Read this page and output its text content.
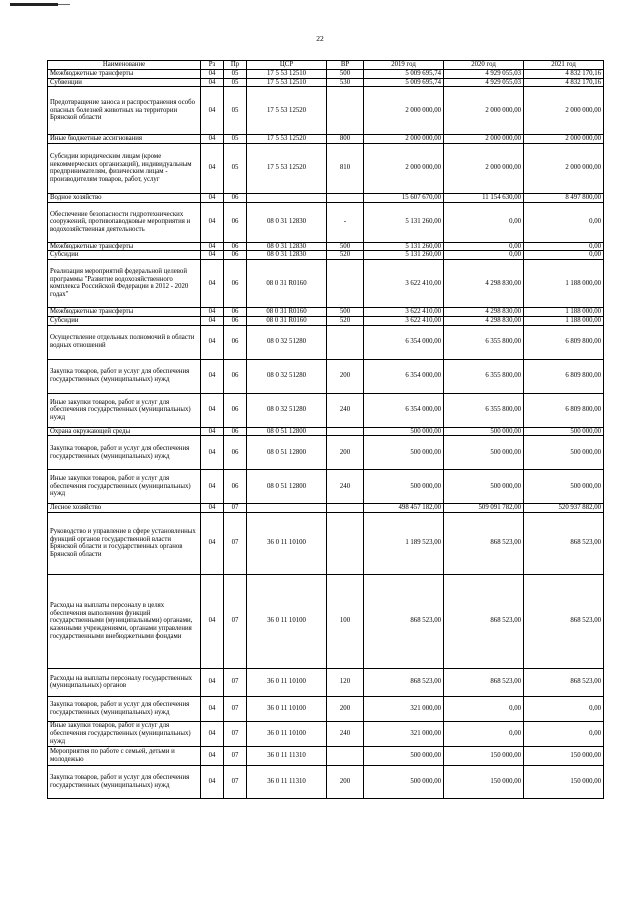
22
Наименование	Рз	Пр	ЦСР	ВР	2019 год	2020 год	2021 год
Межбюджетные трансферты	04	05	17 5 53 12510	500	5 009 695,74	4 929 055,03	4 832 170,16
Субвенции	04	05	17 5 53 12510	530	5 009 695,74	4 929 055,03	4 832 170,16
Предотвращение заноса и распространения особо опасных болезней животных на территории Брянской области	04	05	17 5 53 12520		2 000 000,00	2 000 000,00	2 000 000,00
Иные бюджетные ассигнования	04	05	17 5 53 12520	800	2 000 000,00	2 000 000,00	2 000 000,00
Субсидии юридическим лицам (кроме некоммерческих организаций), индивидуальным предпринимателям, физическим лицам - производителям товаров, работ, услуг	04	05	17 5 53 12520	810	2 000 000,00	2 000 000,00	2 000 000,00
Водное хозяйство	04	06			15 607 670,00	11 154 630,00	8 497 800,00
Обеспечение безопасности гидротехнических сооружений, противопаводковые мероприятия и водохозяйственная деятельность	04	06	08 0 31 12830	-	5 131 260,00	0,00	0,00
Межбюджетные трансферты	04	06	08 0 31 12830	500	5 131 260,00	0,00	0,00
Субсидии	04	06	08 0 31 12830	520	5 131 260,00	0,00	0,00
Реализация мероприятий федеральной целевой программы "Развитие водохозяйственного комплекса Российской Федерации в 2012 - 2020 годах"	04	06	08 0 31 R0160		3 622 410,00	4 298 830,00	1 188 000,00
Межбюджетные трансферты	04	06	08 0 31 R0160	500	3 622 410,00	4 298 830,00	1 188 000,00
Субсидии	04	06	08 0 31 R0160	520	3 622 410,00	4 298 830,00	1 188 000,00
Осуществление отдельных полномочий в области водных отношений	04	06	08 0 32 51280		6 354 000,00	6 355 800,00	6 809 800,00
Закупка товаров, работ и услуг для обеспечения государственных (муниципальных) нужд	04	06	08 0 32 51280	200	6 354 000,00	6 355 800,00	6 809 800,00
Иные закупки товаров, работ и услуг для обеспечения государственных (муниципальных) нужд	04	06	08 0 32 51280	240	6 354 000,00	6 355 800,00	6 809 800,00
Охрана окружающей среды	04	06	08 0 51 12800		500 000,00	500 000,00	500 000,00
Закупка товаров, работ и услуг для обеспечения государственных (муниципальных) нужд	04	06	08 0 51 12800	200	500 000,00	500 000,00	500 000,00
Иные закупки товаров, работ и услуг для обеспечения государственных (муниципальных) нужд	04	06	08 0 51 12800	240	500 000,00	500 000,00	500 000,00
Лесное хозяйство	04	07			498 457 182,00	509 091 782,00	520 937 882,00
Руководство и управление в сфере установленных функций органов государственной власти Брянской области и государственных органов Брянской области	04	07	36 0 11 10100		1 189 523,00	868 523,00	868 523,00
Расходы на выплаты персоналу в целях обеспечения выполнения функций государственными (муниципальными) органами, казенными учреждениями, органами управления государственными внебюджетными фондами	04	07	36 0 11 10100	100	868 523,00	868 523,00	868 523,00
Расходы на выплаты персоналу государственных (муниципальных) органов	04	07	36 0 11 10100	120	868 523,00	868 523,00	868 523,00
Закупка товаров, работ и услуг для обеспечения государственных (муниципальных) нужд	04	07	36 0 11 10100	200	321 000,00	0,00	0,00
Иные закупки товаров, работ и услуг для обеспечения государственных (муниципальных) нужд	04	07	36 0 11 10100	240	321 000,00	0,00	0,00
Мероприятия по работе с семьей, детьми и молодежью	04	07	36 0 11 11310		500 000,00	150 000,00	150 000,00
Закупка товаров, работ и услуг для обеспечения государственных (муниципальных) нужд	04	07	36 0 11 11310	200	500 000,00	150 000,00	150 000,00
